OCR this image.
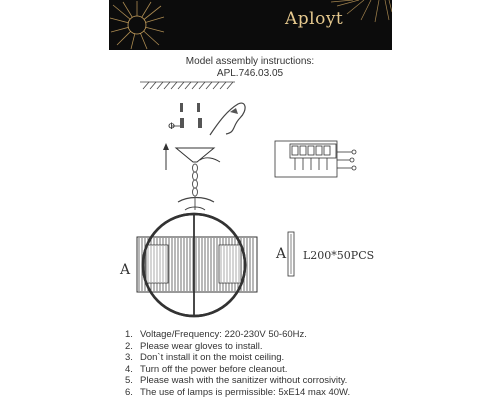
Aployt
Model assembly instructions:
APL.746.03.05
Φ
A
A L200*50PCS
1. Voltage/Frequency: 220-230V 50-60Hz.
2. Please wear gloves to install.
3. Don`t install it on the moist ceiling.
4. Turn off the power before cleanout.
5. Please wash with the sanitizer without corrosivity.
6. The use of lamps is permissible: 5xE14 max 40W.
